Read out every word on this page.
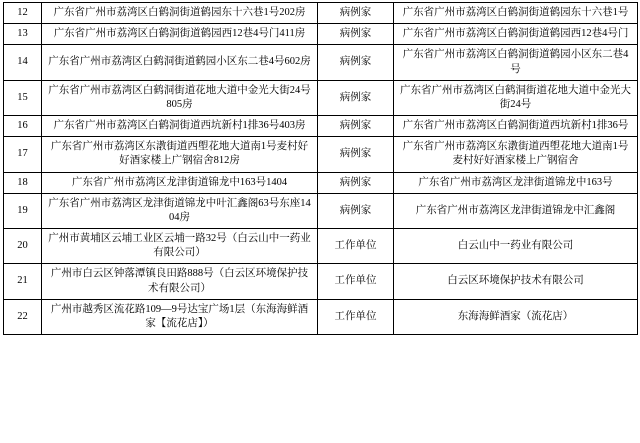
12	广东省广州市荔湾区白鹤洞街道鹤园东十六巷1号202房	病例家	广东省广州市荔湾区白鹤洞街道鹤园东十六巷1号
13	广东省广州市荔湾区白鹤洞街道鹤园西12巷4号门411房	病例家	广东省广州市荔湾区白鹤洞街道鹤园西12巷4号门
14	广东省广州市荔湾区白鹤洞街道鹤园小区东二巷4号602房	病例家	广东省广州市荔湾区白鹤洞街道鹤园小区东二巷4号
15	广东省广州市荔湾区白鹤洞街道花地大道中金光大街24号805房	病例家	广东省广州市荔湾区白鹤洞街道花地大道中金光大街24号
16	广东省广州市荔湾区白鹤洞街道西坑新村1排36号403房	病例家	广东省广州市荔湾区白鹤洞街道西坑新村1排36号
17	广东省广州市荔湾区东漖街道西塱花地大道南1号麦村好好酒家楼上广钢宿舍812房	病例家	广东省广州市荔湾区东漖街道西塱花地大道南1号麦村好好酒家楼上广钢宿舍
18	广东省广州市荔湾区龙津街道锦龙中163号1404	病例家	广东省广州市荔湾区龙津街道锦龙中163号
19	广东省广州市荔湾区龙津街道锦龙中叶汇鑫阁63号东座1404房	病例家	广东省广州市荔湾区龙津街道锦龙中汇鑫阁
20	广州市黄埔区云埔工业区云埔一路32号（白云山中一药业有限公司）	工作单位	白云山中一药业有限公司
21	广州市白云区钟落潭镇良田路888号（白云区环境保护技术有限公司）	工作单位	白云区环境保护技术有限公司
22	广州市越秀区流花路109—9号达宝广场1层（东海海鲜酒家【流花店】）	工作单位	东海海鲜酒家（流花店）
